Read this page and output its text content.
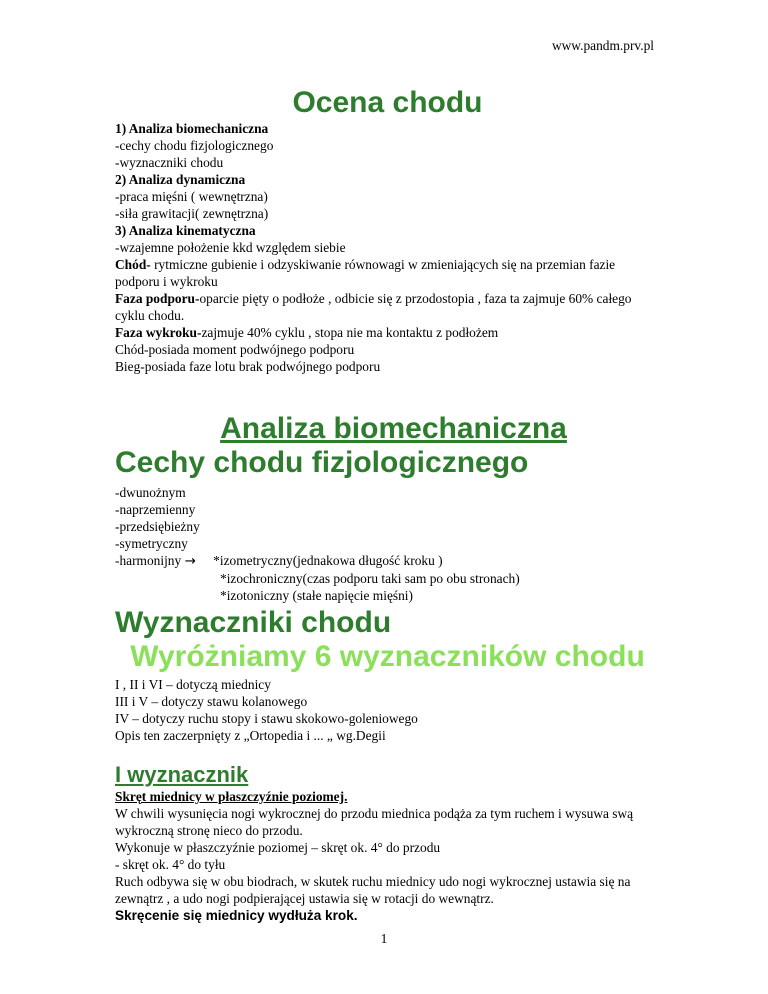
www.pandm.prv.pl
Ocena chodu
1) Analiza biomechaniczna
-cechy chodu fizjologicznego
-wyznaczniki chodu
2) Analiza dynamiczna
-praca mięśni ( wewnętrzna)
-siła grawitacji( zewnętrzna)
3) Analiza kinematyczna
-wzajemne położenie kkd względem siebie
Chód- rytmiczne gubienie i odzyskiwanie równowagi w zmieniających się na przemian fazie podporu i wykroku
Faza podporu-oparcie pięty o podłoże , odbicie się z przodostopia , faza ta zajmuje 60% całego cyklu chodu.
Faza wykroku-zajmuje 40% cyklu , stopa nie ma kontaktu z podłożem
Chód-posiada moment podwójnego podporu
Bieg-posiada faze lotu brak podwójnego podporu
Analiza biomechaniczna
Cechy chodu fizjologicznego
-dwunożnym
-naprzemienny
-przedsiębieżny
-symetryczny
-harmonijny → *izometryczny(jednakowa długość kroku )
*izochroniczny(czas podporu taki sam po obu stronach)
*izotoniczny (stałe napięcie mięśni)
Wyznaczniki chodu
Wyróżniamy 6 wyznaczników chodu
I , II i VI – dotyczą miednicy
III i V – dotyczy stawu kolanowego
IV – dotyczy ruchu stopy i stawu skokowo-goleniowego
Opis ten zaczerpnięty z „Ortopedia i ... „ wg.Degii
I wyznacznik
Skręt miednicy w płaszczyźnie poziomej.
W chwili wysunięcia nogi wykrocznej do przodu miednica podąża za tym ruchem i wysuwa swą wykroczną stronę nieco do przodu.
Wykonuje w płaszczyźnie poziomej – skręt ok. 4° do przodu
- skręt ok. 4° do tyłu
Ruch odbywa się w obu biodrach, w skutek ruchu miednicy udo nogi wykrocznej ustawia się na zewnątrz , a udo nogi podpierającej ustawia się w rotacji do wewnątrz.
Skręcenie się miednicy wydłuża krok.
1
